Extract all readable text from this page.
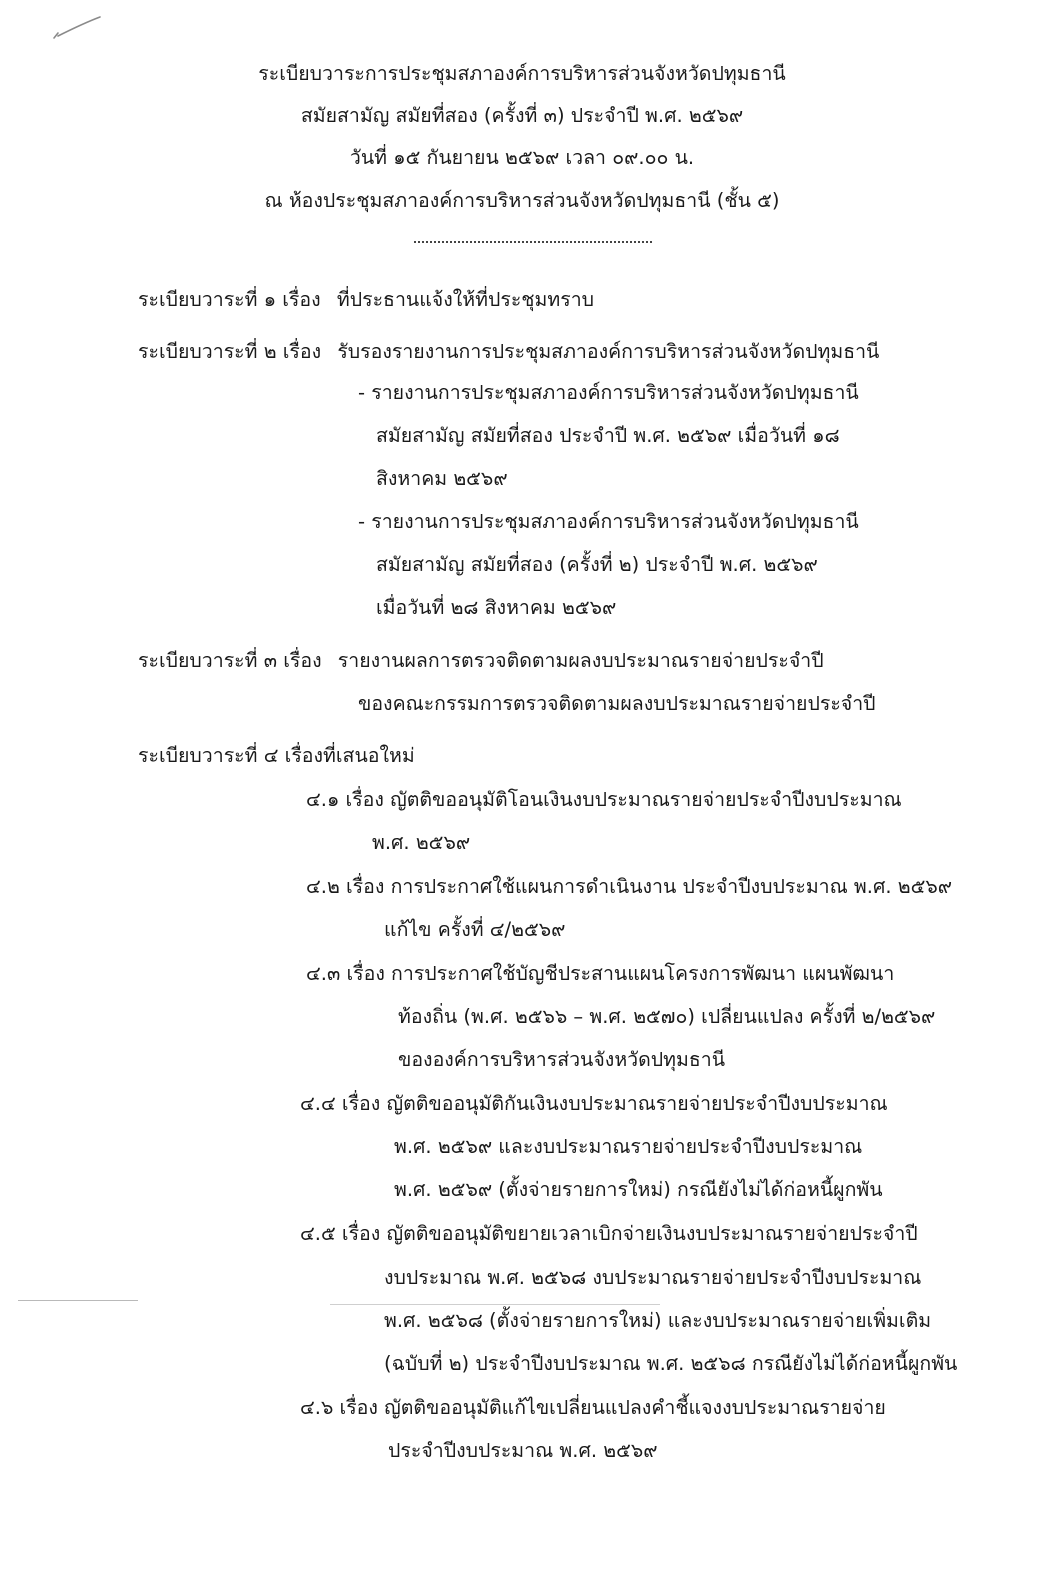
ระเบียบวาระการประชุมสภาองค์การบริหารส่วนจังหวัดปทุมธานี
สมัยสามัญ สมัยที่สอง (ครั้งที่ ๓) ประจำปี พ.ศ. ๒๕๖๙
วันที่ ๑๕ กันยายน ๒๕๖๙ เวลา ๐๙.๐๐ น.
ณ ห้องประชุมสภาองค์การบริหารส่วนจังหวัดปทุมธานี (ชั้น ๕)
ระเบียบวาระที่ ๑ เรื่อง ที่ประธานแจ้งให้ที่ประชุมทราบ
ระเบียบวาระที่ ๒ เรื่อง รับรองรายงานการประชุมสภาองค์การบริหารส่วนจังหวัดปทุมธานี
- รายงานการประชุมสภาองค์การบริหารส่วนจังหวัดปทุมธานี
สมัยสามัญ สมัยที่สอง ประจำปี พ.ศ. ๒๕๖๙ เมื่อวันที่ ๑๘
สิงหาคม ๒๕๖๙
- รายงานการประชุมสภาองค์การบริหารส่วนจังหวัดปทุมธานี
สมัยสามัญ สมัยที่สอง (ครั้งที่ ๒) ประจำปี พ.ศ. ๒๕๖๙
เมื่อวันที่ ๒๘ สิงหาคม ๒๕๖๙
ระเบียบวาระที่ ๓ เรื่อง รายงานผลการตรวจติดตามผลงบประมาณรายจ่ายประจำปี
ของคณะกรรมการตรวจติดตามผลงบประมาณรายจ่ายประจำปี
ระเบียบวาระที่ ๔ เรื่องที่เสนอใหม่
๔.๑ เรื่อง ญัตติขออนุมัติโอนเงินงบประมาณรายจ่ายประจำปีงบประมาณ
พ.ศ. ๒๕๖๙
๔.๒ เรื่อง การประกาศใช้แผนการดำเนินงาน ประจำปีงบประมาณ พ.ศ. ๒๕๖๙
แก้ไข ครั้งที่ ๔/๒๕๖๙
๔.๓ เรื่อง การประกาศใช้บัญชีประสานแผนโครงการพัฒนา แผนพัฒนา
ท้องถิ่น (พ.ศ. ๒๕๖๖ – พ.ศ. ๒๕๗๐) เปลี่ยนแปลง ครั้งที่ ๒/๒๕๖๙
ขององค์การบริหารส่วนจังหวัดปทุมธานี
๔.๔ เรื่อง ญัตติขออนุมัติกันเงินงบประมาณรายจ่ายประจำปีงบประมาณ
พ.ศ. ๒๕๖๙ และงบประมาณรายจ่ายประจำปีงบประมาณ
พ.ศ. ๒๕๖๙ (ตั้งจ่ายรายการใหม่) กรณียังไม่ได้ก่อหนี้ผูกพัน
๔.๕ เรื่อง ญัตติขออนุมัติขยายเวลาเบิกจ่ายเงินงบประมาณรายจ่ายประจำปี
งบประมาณ พ.ศ. ๒๕๖๘ งบประมาณรายจ่ายประจำปีงบประมาณ
พ.ศ. ๒๕๖๘ (ตั้งจ่ายรายการใหม่) และงบประมาณรายจ่ายเพิ่มเติม
(ฉบับที่ ๒) ประจำปีงบประมาณ พ.ศ. ๒๕๖๘ กรณียังไม่ได้ก่อหนี้ผูกพัน
๔.๖ เรื่อง ญัตติขออนุมัติแก้ไขเปลี่ยนแปลงคำชี้แจงงบประมาณรายจ่าย
ประจำปีงบประมาณ พ.ศ. ๒๕๖๙
